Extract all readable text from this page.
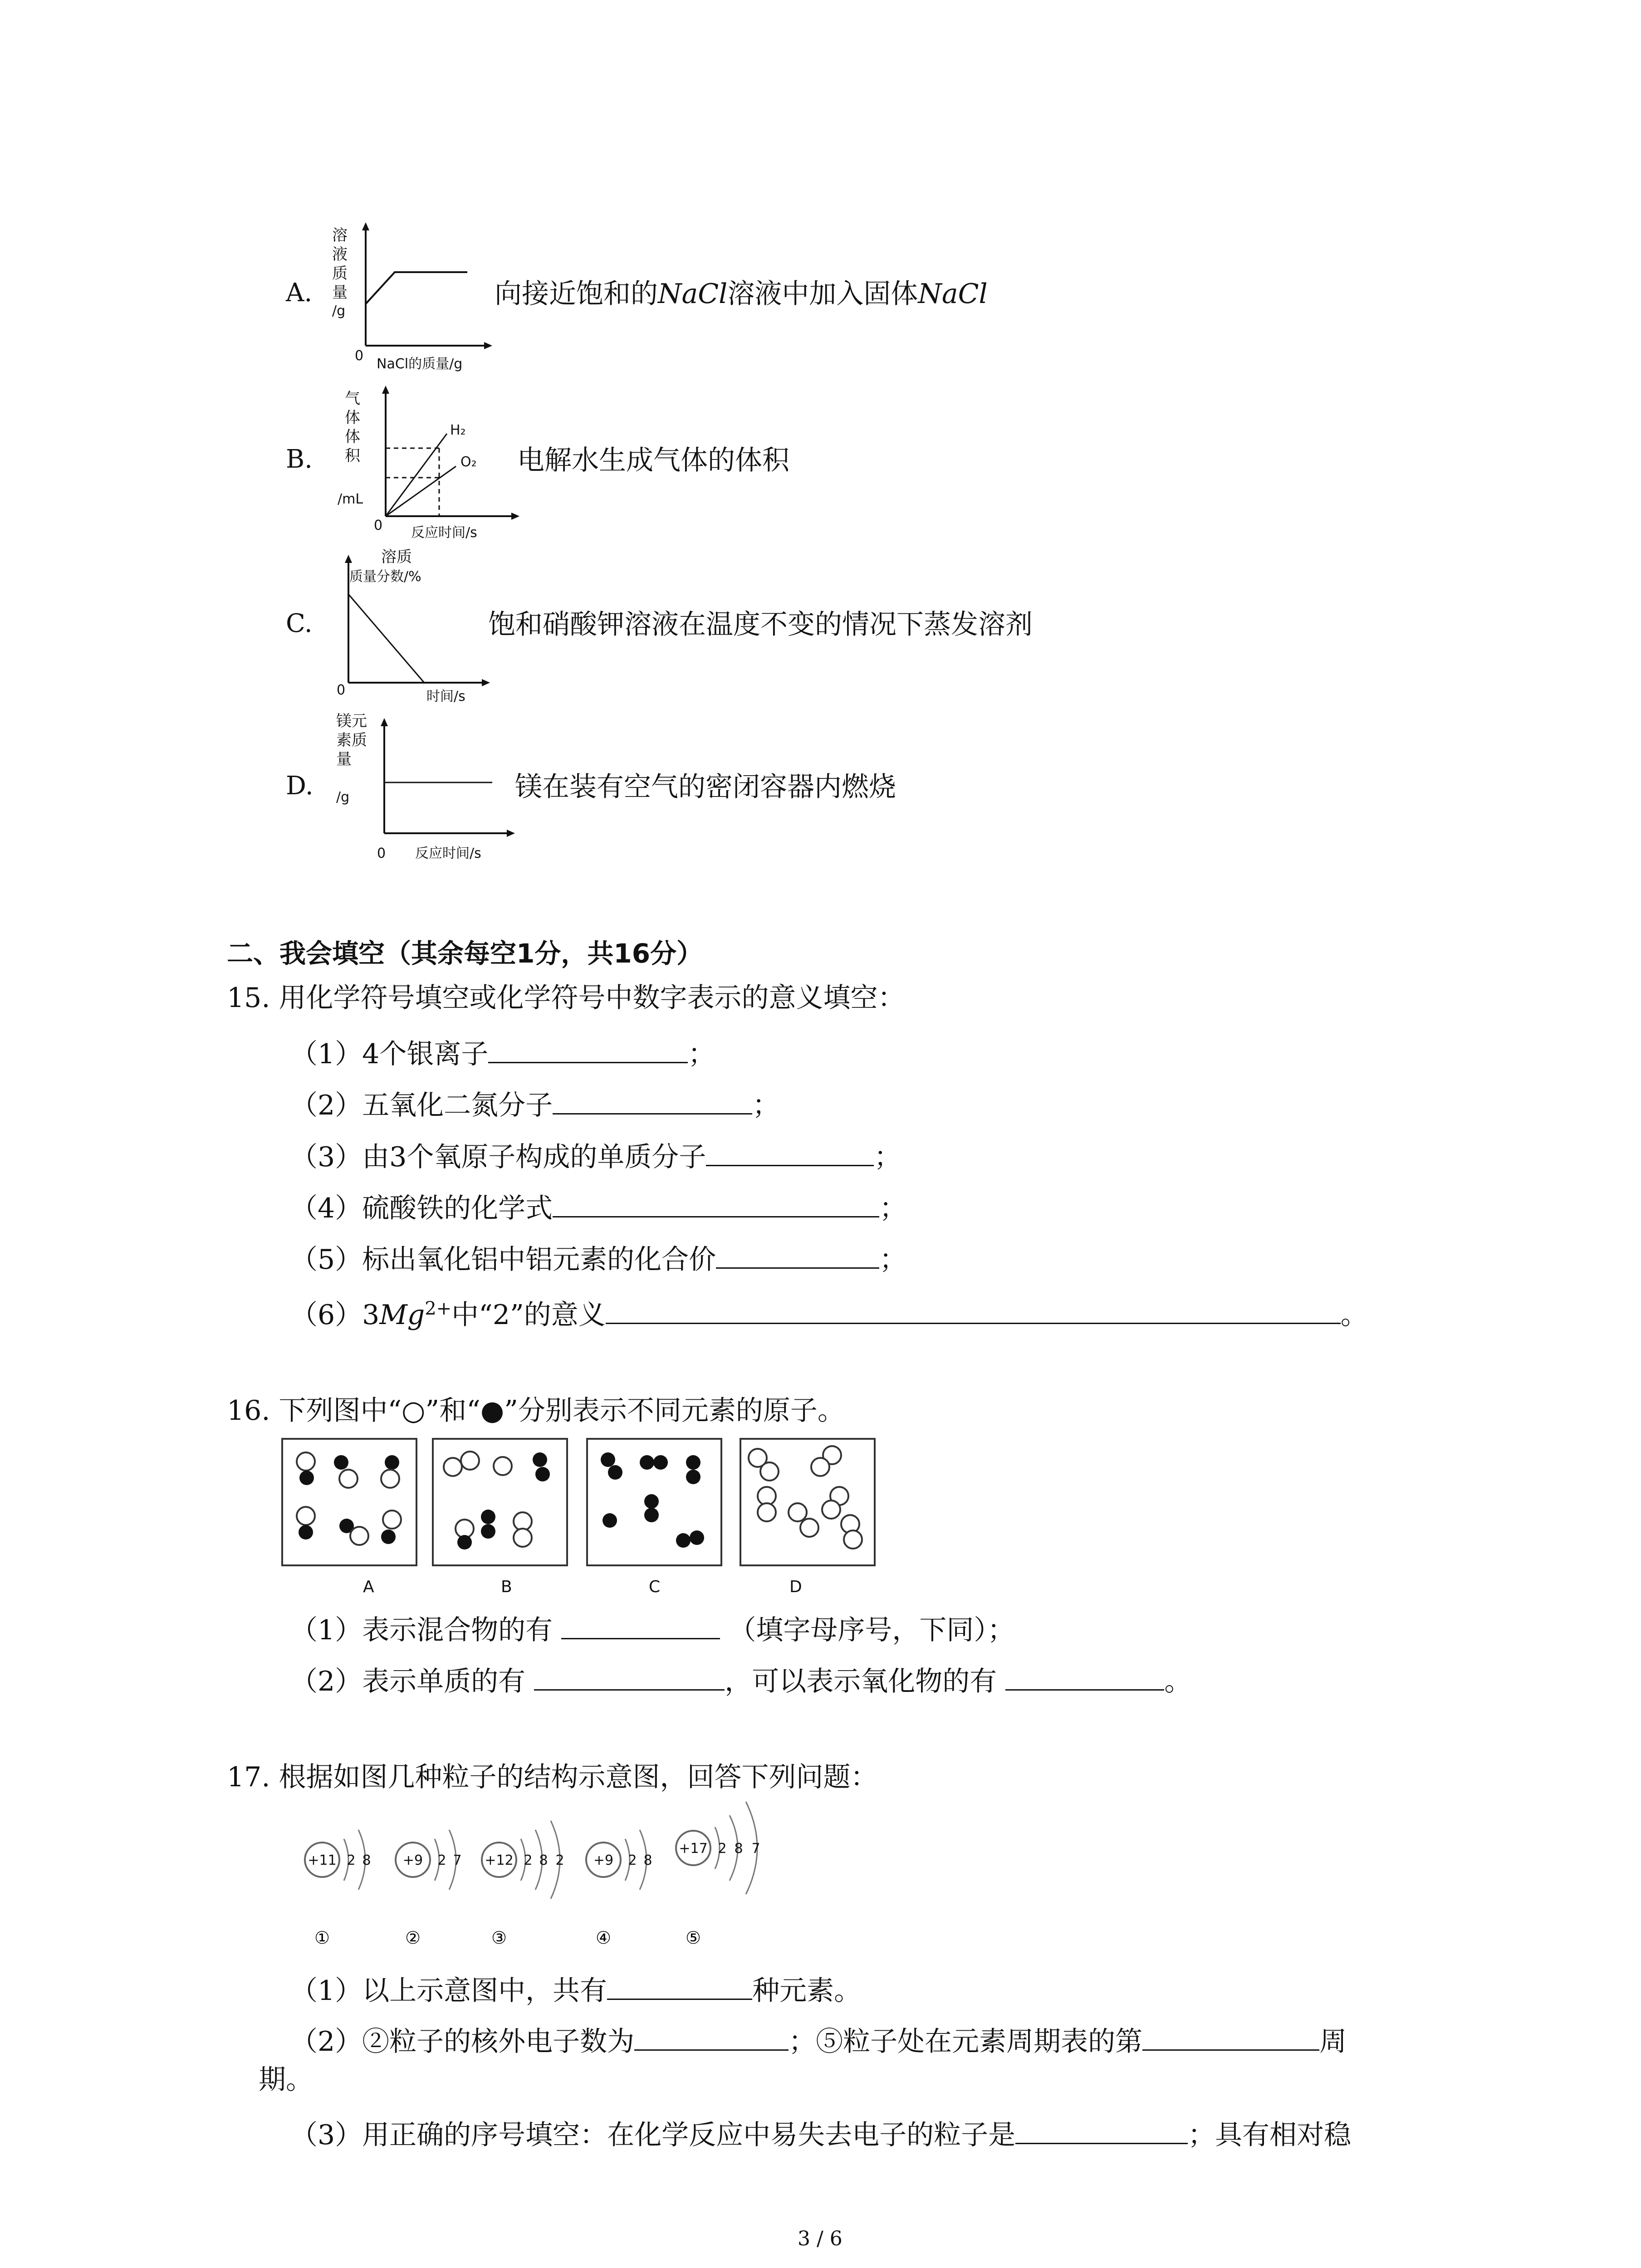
A.
溶
液
质
量
/g
0
NaCl的质量/g
向接近饱和的NaCl溶液中加入固体NaCl
B.
气
体
体
积
/mL
H₂
O₂
0 反应时间/s
电解水生成气体的体积
C.
溶质
质量分数/%
0	时间/s
饱和硝酸钾溶液在温度不变的情况下蒸发溶剂
D.
镁元
素质
量
/g
0 反应时间/s
镁在装有空气的密闭容器内燃烧
二、我会填空（其余每空1分，共16分）
15. 用化学符号填空或化学符号中数字表示的意义填空：
（1）4个银离子	；
（2）五氧化二氮分子	；
（3）由3个氧原子构成的单质分子	；
（4）硫酸铁的化学式	；
（5）标出氧化铝中铝元素的化合价	；
$(6)3Mg^{2+}$中“2”的意义	。
16. 下列图中“○”和“●”分别表示不同元素的原子。
A	B	C	D
（1）表示混合物的有	（填字母序号，下同）；
（2）表示单质的有	，可以表示氧化物的有	。
17. 根据如图几种粒子的结构示意图，回答下列问题：
+11 2 8
①
+9 2 7
②
+12 2 8 2
③
+9 2 8
④
+17 2 8 7
⑤
（1）以上示意图中，共有	种元素。
（2）②粒子的核外电子数为	；⑤粒子处在元素周期表的第	周
期。
（3）用正确的序号填空：在化学反应中易失去电子的粒子是	；具有相对稳
3 / 6
